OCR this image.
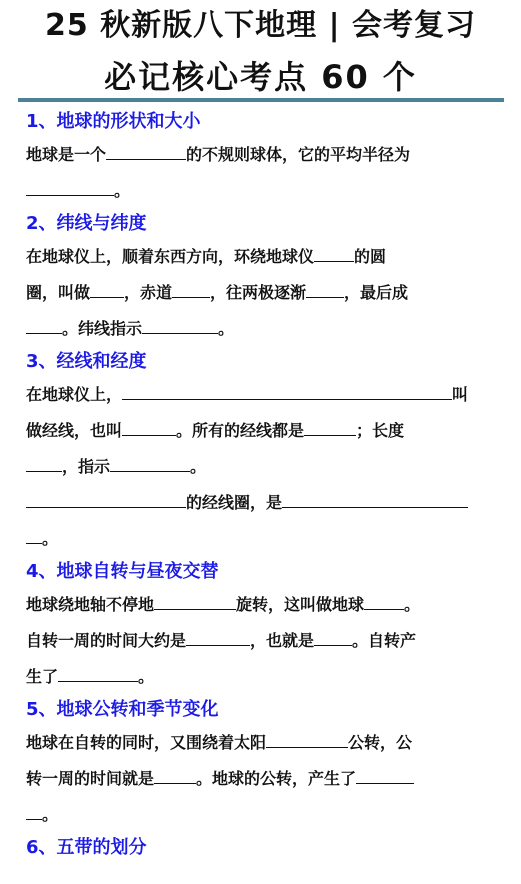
25 秋新版八下地理 | 会考复习
必记核心考点 60 个
1、地球的形状和大小

地球是一个	的不规则球体，它的平均半径为

。

2、纬线与纬度

在地球仪上，顺着东西方向，环绕地球仪	的圆

圈，叫做 ，赤道 ，往两极逐渐 ，最后成

。纬线指示	。

3、经线和经度

在地球仪上，	叫

做经线，也叫	。所有的经线都是	；长度

，指示	。

的经线圈，是

。

4、地球自转与昼夜交替

地球绕地轴不停地	旋转，这叫做地球	。

自转一周的时间大约是	，也就是 。自转产

生了	。

5、地球公转和季节变化

地球在自转的同时，又围绕着太阳	公转，公

转一周的时间就是	。地球的公转，产生了

。

6、五带的划分
